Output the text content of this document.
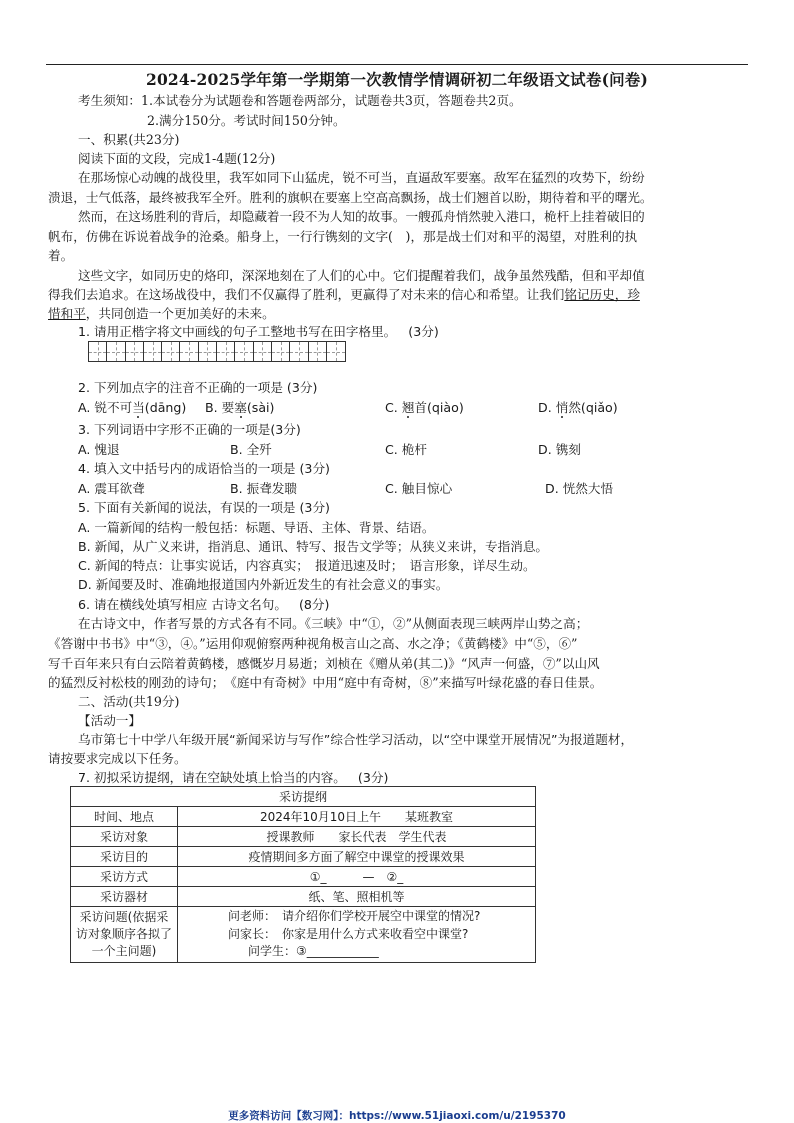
2024-2025学年第一学期第一次教情学情调研初二年级语文试卷(问卷)
考生须知：1.本试卷分为试题卷和答题卷两部分，试题卷共3页，答题卷共2页。
2.满分150分。考试时间150分钟。
一、积累(共23分)
阅读下面的文段，完成1-4题(12分)
在那场惊心动魄的战役里，我军如同下山猛虎，锐不可当，直逼敌军要塞。敌军在猛烈的攻势下，纷纷
溃退，士气低落，最终被我军全歼。胜利的旗帜在要塞上空高高飘扬，战士们翘首以盼，期待着和平的曙光。
然而，在这场胜利的背后，却隐藏着一段不为人知的故事。一艘孤舟悄然驶入港口，桅杆上挂着破旧的
帆布，仿佛在诉说着战争的沧桑。船身上，一行行镌刻的文字(　)，那是战士们对和平的渴望，对胜利的执
着。
这些文字，如同历史的烙印，深深地刻在了人们的心中。它们提醒着我们，战争虽然残酷，但和平却值
得我们去追求。在这场战役中，我们不仅赢得了胜利，更赢得了对未来的信心和希望。让我们铭记历史，珍
惜和平，共同创造一个更加美好的未来。
1. 请用正楷字将文中画线的句子工整地书写在田字格里。 (3分)
2. 下列加点字的注音不正确的一项是 (3分)
A. 锐不可当(dāng) B. 要塞(sài)	C. 翘首(qiào)	D. 悄然(qiǎo)
3. 下列词语中字形不正确的一项是(3分)
A. 愧退	B. 全歼	C. 桅杆	D. 镌刻
4. 填入文中括号内的成语恰当的一项是 (3分)
A. 震耳欲聋	B. 振聋发聩	C. 触目惊心	D. 恍然大悟
5. 下面有关新闻的说法，有误的一项是 (3分)
A. 一篇新闻的结构一般包括：标题、导语、主体、背景、结语。
B. 新闻，从广义来讲，指消息、通讯、特写、报告文学等；从狭义来讲，专指消息。
C. 新闻的特点：让事实说话，内容真实；　报道迅速及时；　语言形象，详尽生动。
D. 新闻要及时、准确地报道国内外新近发生的有社会意义的事实。
6. 请在横线处填写相应 古诗文名句。 (8分)
在古诗文中，作者写景的方式各有不同。《三峡》中“①，②”从侧面表现三峡两岸山势之高；
《答谢中书书》中“③，④。”运用仰观俯察两种视角极言山之高、水之净；《黄鹤楼》中“⑤，⑥”
写千百年来只有白云陪着黄鹤楼，感慨岁月易逝；刘桢在《赠从弟(其二)》“风声一何盛，⑦”以山风
的猛烈反衬松枝的刚劲的诗句；　《庭中有奇树》中用“庭中有奇树，⑧”来描写叶绿花盛的春日佳景。
二、活动(共19分)
【活动一】
乌市第七十中学八年级开展“新闻采访与写作”综合性学习活动，以“空中课堂开展情况”为报道题材，
请按要求完成以下任务。
7. 初拟采访提纲，请在空缺处填上恰当的内容。 (3分)
采访提纲	
时间、地点	2024年10月10日上午　　某班教室
采访对象	授课教师　　家长代表　学生代表
采访目的	疫情期间多方面了解空中课堂的授课效果
采访方式	①_　　　—　②_
采访器材	纸、笔、照相机等
采访问题(依据采访对象顺序各拟了一个主问题)	问老师：　请介绍你们学校开展空中课堂的情况?
问家长：　你家是用什么方式来收看空中课堂?
问学生：③____________
更多资料访问【数习网】：https://www.51jiaoxi.com/u/2195370
